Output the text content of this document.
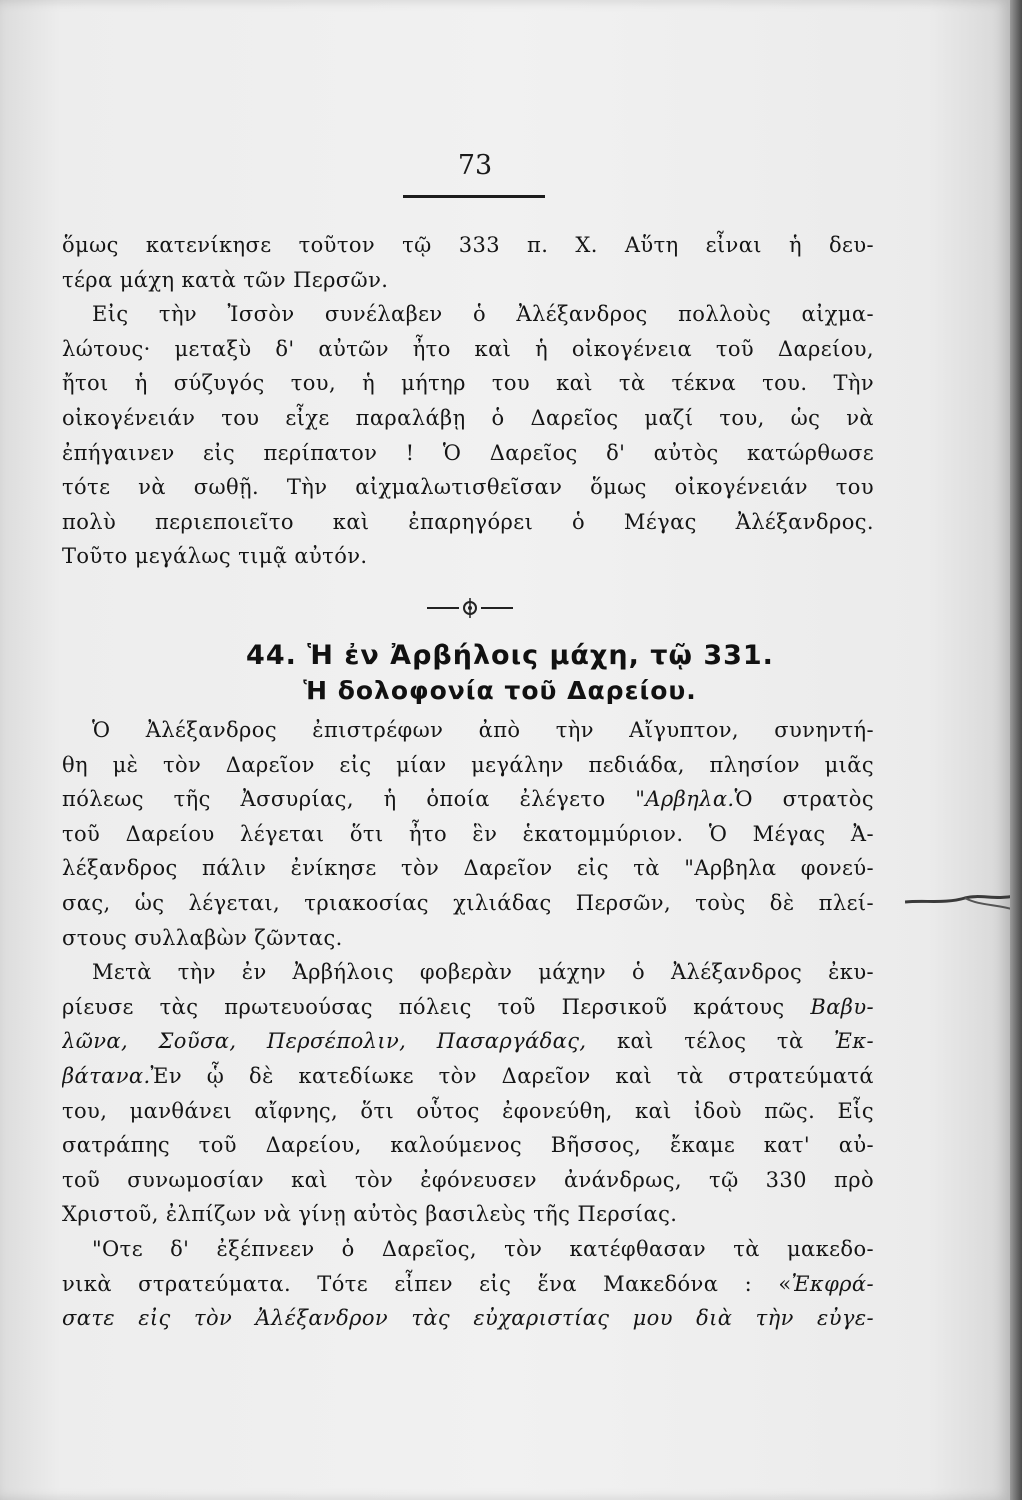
73
ὅμως κατενίκησε τοῦτον τῷ 333 π. Χ. Αὕτη εἶναι ἡ δευ-
τέρα μάχη κατὰ τῶν Περσῶν.
Εἰς τὴν Ἰσσὸν συνέλαβεν ὁ Ἀλέξανδρος πολλοὺς αἰχμα-
λώτους· μεταξὺ δ' αὐτῶν ἦτο καὶ ἡ οἰκογένεια τοῦ Δαρείου,
ἤτοι ἡ σύζυγός του, ἡ μήτηρ του καὶ τὰ τέκνα του. Τὴν
οἰκογένειάν του εἶχε παραλάβῃ ὁ Δαρεῖος μαζί του, ὡς νὰ
ἐπήγαινεν εἰς περίπατον ! Ὁ Δαρεῖος δ' αὐτὸς κατώρθωσε
τότε νὰ σωθῇ. Τὴν αἰχμαλωτισθεῖσαν ὅμως οἰκογένειάν του
πολὺ περιεποιεῖτο καὶ ἐπαρηγόρει ὁ Μέγας Ἀλέξανδρος.
Τοῦτο μεγάλως τιμᾷ αὐτόν.
44. Ἡ ἐν Ἀρβήλοις μάχη, τῷ 331.
Ἡ δολοφονία τοῦ Δαρείου.
Ὁ Ἀλέξανδρος ἐπιστρέφων ἀπὸ τὴν Αἴγυπτον, συνηντή-
θη μὲ τὸν Δαρεῖον εἰς μίαν μεγάλην πεδιάδα, πλησίον μιᾶς
πόλεως τῆς Ἀσσυρίας, ἡ ὁποία ἐλέγετο "Αρβηλα.Ὁ στρατὸς
τοῦ Δαρείου λέγεται ὅτι ἦτο ἓν ἑκατομμύριον. Ὁ Μέγας Ἀ-
λέξανδρος πάλιν ἐνίκησε τὸν Δαρεῖον εἰς τὰ "Αρβηλα φονεύ-
σας, ὡς λέγεται, τριακοσίας χιλιάδας Περσῶν, τοὺς δὲ πλεί-
στους συλλαβὼν ζῶντας.
Μετὰ τὴν ἐν Ἀρβήλοις φοβερὰν μάχην ὁ Ἀλέξανδρος ἐκυ-
ρίευσε τὰς πρωτευούσας πόλεις τοῦ Περσικοῦ κράτους Βαβυ-
λῶνα, Σοῦσα, Περσέπολιν, Πασαργάδας, καὶ τέλος τὰ Ἐκ-
βάτανα.Ἐν ᾧ δὲ κατεδίωκε τὸν Δαρεῖον καὶ τὰ στρατεύματά
του, μανθάνει αἴφνης, ὅτι οὗτος ἐφονεύθη, καὶ ἰδοὺ πῶς. Εἷς
σατράπης τοῦ Δαρείου, καλούμενος Βῆσσος, ἔκαμε κατ' αὐ-
τοῦ συνωμοσίαν καὶ τὸν ἐφόνευσεν ἀνάνδρως, τῷ 330 πρὸ
Χριστοῦ, ἐλπίζων νὰ γίνῃ αὐτὸς βασιλεὺς τῆς Περσίας.
"Οτε δ' ἐξέπνεεν ὁ Δαρεῖος, τὸν κατέφθασαν τὰ μακεδο-
νικὰ στρατεύματα. Τότε εἶπεν εἰς ἕνα Μακεδόνα : «Ἐκφρά-
σατε εἰς τὸν Ἀλέξανδρον τὰς εὐχαριστίας μου διὰ τὴν εὐγε-
